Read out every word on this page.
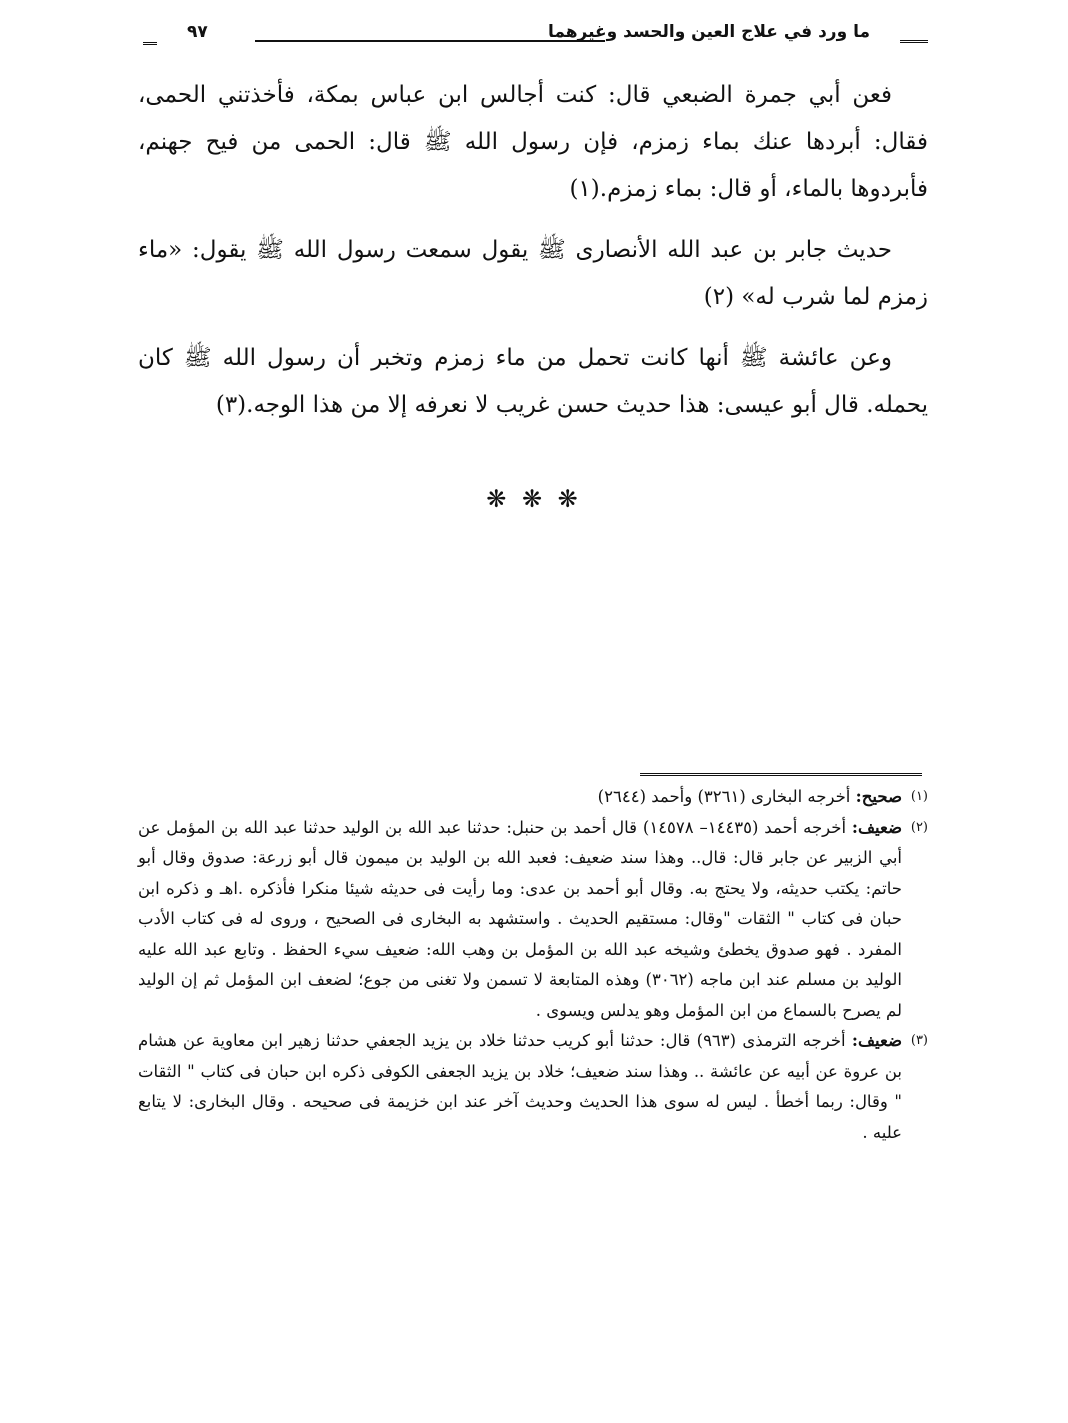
ما ورد في علاج العين والحسد وغيرهما
٩٧

فعن أبي جمرة الضبعي قال: كنت أجالس ابن عباس بمكة، فأخذتني الحمى، فقال: أبردها عنك بماء زمزم، فإن رسول الله ﷺ قال: الحمى من فيح جهنم، فأبردوها بالماء، أو قال: بماء زمزم.(١)

حديث جابر بن عبد الله الأنصارى ﷺ يقول سمعت رسول الله ﷺ يقول: «ماء زمزم لما شرب له» (٢)

وعن عائشة ﷺ أنها كانت تحمل من ماء زمزم وتخبر أن رسول الله ﷺ كان يحمله. قال أبو عيسى: هذا حديث حسن غريب لا نعرفه إلا من هذا الوجه.(٣)

❋ ❋ ❋

(١)
صحيح: أخرجه البخارى (٣٢٦١) وأحمد (٢٦٤٤)

(٢)
ضعيف: أخرجه أحمد (١٤٤٣٥– ١٤٥٧٨) قال أحمد بن حنبل: حدثنا عبد الله بن الوليد حدثنا عبد الله بن المؤمل عن أبي الزبير عن جابر قال: قال.. وهذا سند ضعيف: فعبد الله بن الوليد بن ميمون قال أبو زرعة: صدوق وقال أبو حاتم: يكتب حديثه، ولا يحتج به. وقال أبو أحمد بن عدى: وما رأيت فى حديثه شيئا منكرا فأذكره .اهـ و ذكره ابن حبان فى كتاب " الثقات "وقال: مستقيم الحديث . واستشهد به البخارى فى الصحيح ، وروى له فى كتاب الأدب المفرد . فهو صدوق يخطئ وشيخه عبد الله بن المؤمل بن وهب الله: ضعيف سيء الحفظ . وتابع عبد الله عليه الوليد بن مسلم عند ابن ماجه (٣٠٦٢) وهذه المتابعة لا تسمن ولا تغنى من جوع؛ لضعف ابن المؤمل ثم إن الوليد لم يصرح بالسماع من ابن المؤمل وهو يدلس ويسوى .

(٣)
ضعيف: أخرجه الترمذى (٩٦٣) قال: حدثنا أبو كريب حدثنا خلاد بن يزيد الجعفي حدثنا زهير ابن معاوية عن هشام بن عروة عن أبيه عن عائشة .. وهذا سند ضعيف؛ خلاد بن يزيد الجعفى الكوفى ذكره ابن حبان فى كتاب " الثقات " وقال: ربما أخطأ . ليس له سوى هذا الحديث وحديث آخر عند ابن خزيمة فى صحيحه . وقال البخارى: لا يتابع عليه .
